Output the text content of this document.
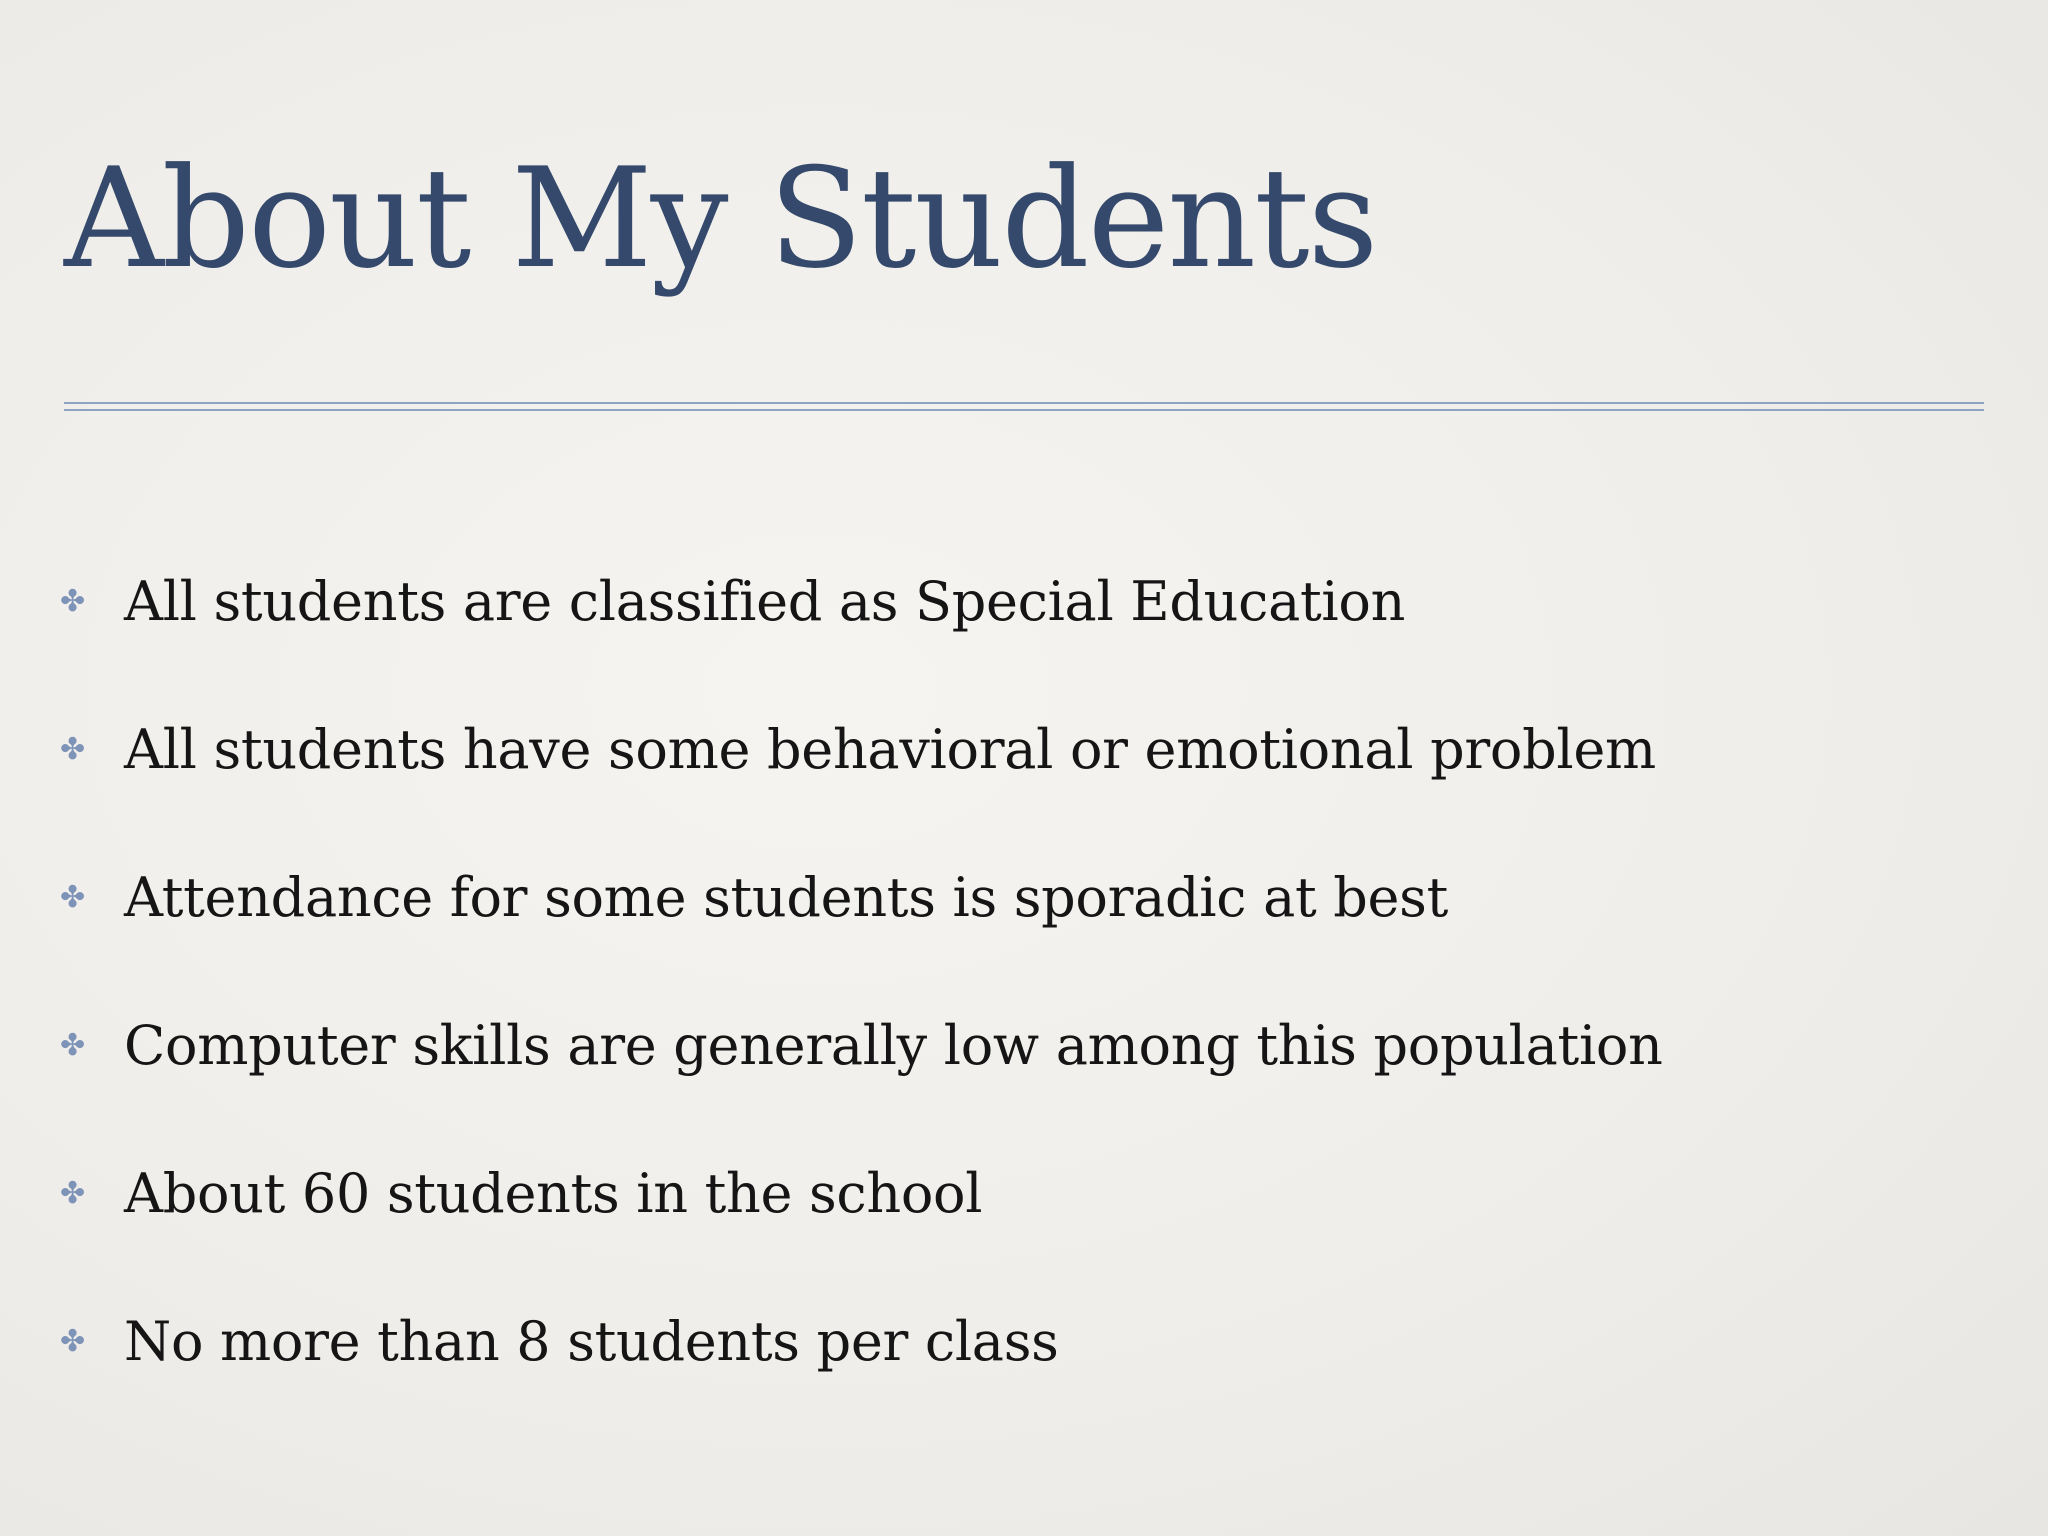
About My Students
✤ All students are classified as Special Education
✤ All students have some behavioral or emotional problem
✤ Attendance for some students is sporadic at best
✤ Computer skills are generally low among this population
✤ About 60 students in the school
✤ No more than 8 students per class
